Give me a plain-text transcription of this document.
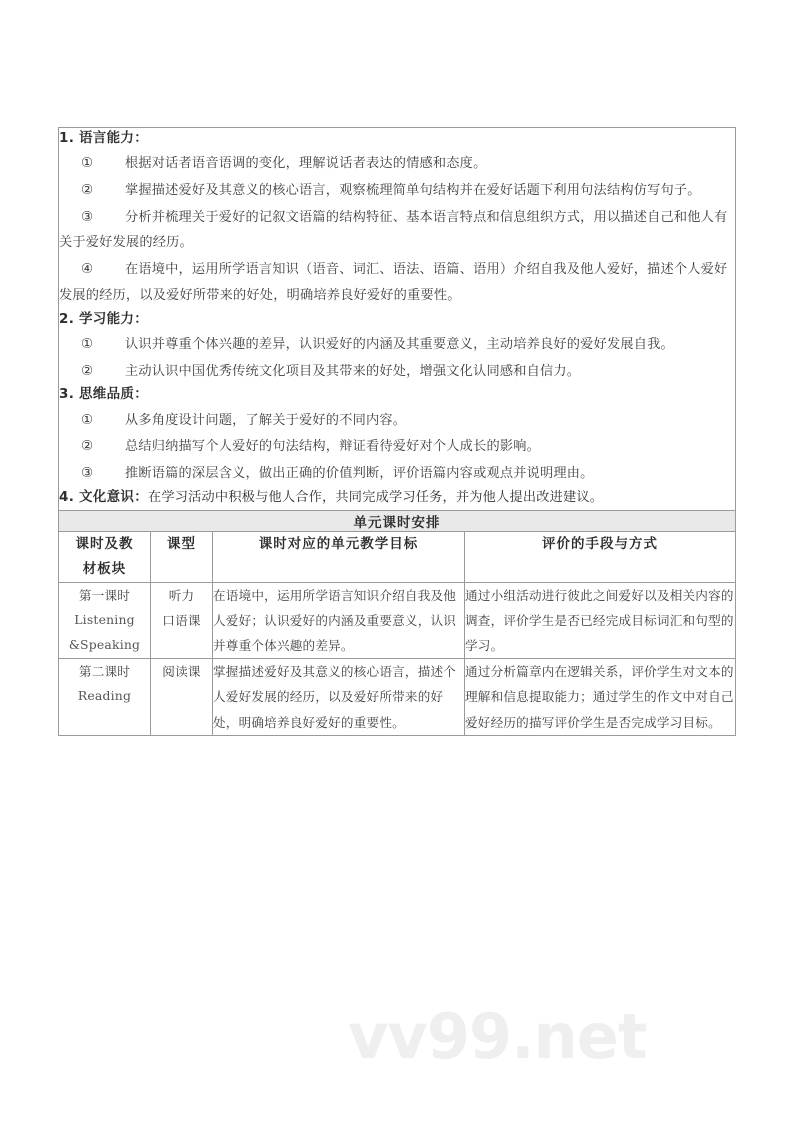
vv99.net

1. 语言能力：

① 根据对话者语音语调的变化，理解说话者表达的情感和态度。

② 掌握描述爱好及其意义的核心语言，观察梳理简单句结构并在爱好话题下利用句法结构仿写句子。

③ 分析并梳理关于爱好的记叙文语篇的结构特征、基本语言特点和信息组织方式，用以描述自己和他人有关于爱好发展的经历。

④ 在语境中，运用所学语言知识（语音、词汇、语法、语篇、语用）介绍自我及他人爱好，描述个人爱好发展的经历，以及爱好所带来的好处，明确培养良好爱好的重要性。

2. 学习能力：

① 认识并尊重个体兴趣的差异，认识爱好的内涵及其重要意义，主动培养良好的爱好发展自我。

② 主动认识中国优秀传统文化项目及其带来的好处，增强文化认同感和自信力。

3. 思维品质：

① 从多角度设计问题，了解关于爱好的不同内容。

② 总结归纳描写个人爱好的句法结构，辩证看待爱好对个人成长的影响。

③ 推断语篇的深层含义，做出正确的价值判断，评价语篇内容或观点并说明理由。

4. 文化意识：在学习活动中积极与他人合作，共同完成学习任务，并为他人提出改进建议。

单元课时安排			

课时及教
材板块	课型	课时对应的单元教学目标	评价的手段与方式

第一课时
Listening
&Speaking	听力
口语课	在语境中，运用所学语言知识介绍自我及他人爱好；认识爱好的内涵及重要意义，认识并尊重个体兴趣的差异。	通过小组活动进行彼此之间爱好以及相关内容的调查，评价学生是否已经完成目标词汇和句型的学习。

第二课时
Reading	阅读课	掌握描述爱好及其意义的核心语言，描述个人爱好发展的经历，以及爱好所带来的好处，明确培养良好爱好的重要性。	通过分析篇章内在逻辑关系，评价学生对文本的理解和信息提取能力；通过学生的作文中对自己爱好经历的描写评价学生是否完成学习目标。
